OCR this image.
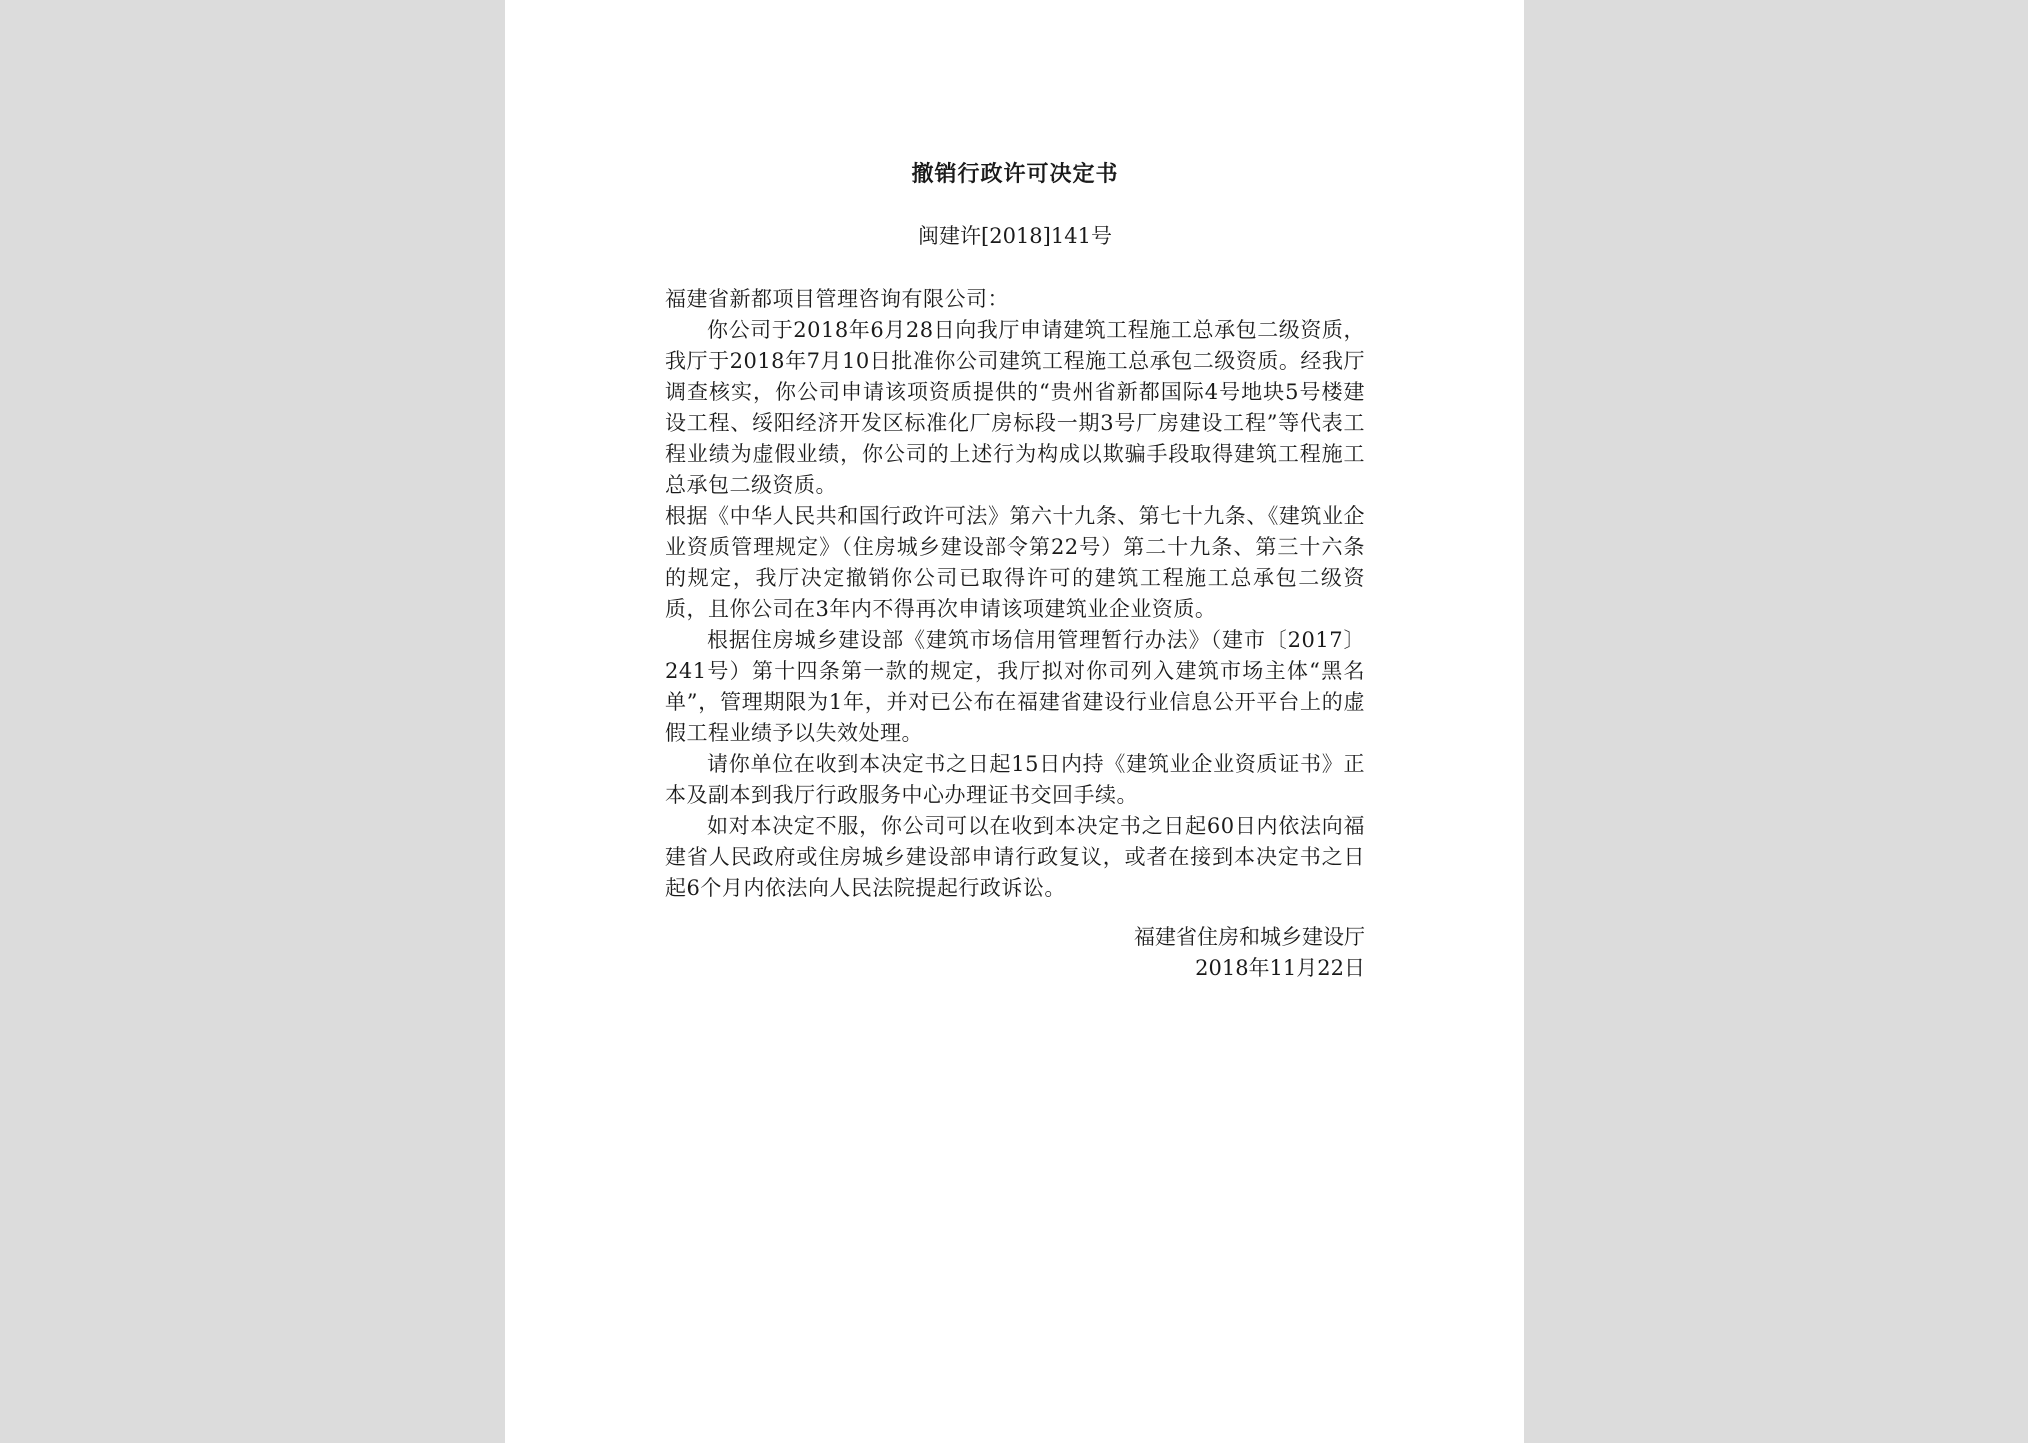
撤销行政许可决定书
闽建许[2018]141号

福建省新都项目管理咨询有限公司：

你公司于2018年6月28日向我厅申请建筑工程施工总承包二级资质，我厅于2018年7月10日批准你公司建筑工程施工总承包二级资质。经我厅调查核实，你公司申请该项资质提供的“贵州省新都国际4号地块5号楼建设工程、绥阳经济开发区标准化厂房标段一期3号厂房建设工程”等代表工程业绩为虚假业绩，你公司的上述行为构成以欺骗手段取得建筑工程施工总承包二级资质。

根据《中华人民共和国行政许可法》第六十九条、第七十九条、《建筑业企业资质管理规定》（住房城乡建设部令第22号）第二十九条、第三十六条的规定，我厅决定撤销你公司已取得许可的建筑工程施工总承包二级资质，且你公司在3年内不得再次申请该项建筑业企业资质。

根据住房城乡建设部《建筑市场信用管理暂行办法》（建市〔2017〕241号）第十四条第一款的规定，我厅拟对你司列入建筑市场主体“黑名单”，管理期限为1年，并对已公布在福建省建设行业信息公开平台上的虚假工程业绩予以失效处理。

请你单位在收到本决定书之日起15日内持《建筑业企业资质证书》正本及副本到我厅行政服务中心办理证书交回手续。

如对本决定不服，你公司可以在收到本决定书之日起60日内依法向福建省人民政府或住房城乡建设部申请行政复议，或者在接到本决定书之日起6个月内依法向人民法院提起行政诉讼。

福建省住房和城乡建设厅
2018年11月22日
